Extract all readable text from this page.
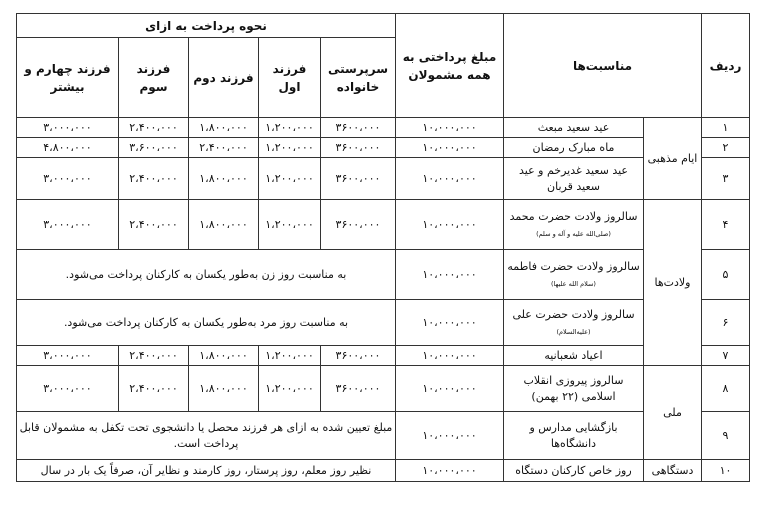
ردیف	مناسبت‌ها		مبلغ پرداختی به همه مشمولان	نحوه پرداخت به ازای				
				سرپرستی خانواده	فرزند اول	فرزند دوم	فرزند سوم	فرزند چهارم و بیشتر
۱	ایام مذهبی	عید سعید مبعث	۱۰،۰۰۰،۰۰۰	۳۶۰۰،۰۰۰	۱،۲۰۰،۰۰۰	۱،۸۰۰،۰۰۰	۲،۴۰۰،۰۰۰	۳،۰۰۰،۰۰۰
۲		ماه مبارک رمضان	۱۰،۰۰۰،۰۰۰	۳۶۰۰،۰۰۰	۱،۲۰۰،۰۰۰	۲،۴۰۰،۰۰۰	۳،۶۰۰،۰۰۰	۴،۸۰۰،۰۰۰
۳		عید سعید غدیرخم و عید سعید قربان	۱۰،۰۰۰،۰۰۰	۳۶۰۰،۰۰۰	۱،۲۰۰،۰۰۰	۱،۸۰۰،۰۰۰	۲،۴۰۰،۰۰۰	۳،۰۰۰،۰۰۰
۴	ولادت‌ها	سالروز ولادت حضرت محمد (صلی‌الله علیه و آله و سلم)	۱۰،۰۰۰،۰۰۰	۳۶۰۰،۰۰۰	۱،۲۰۰،۰۰۰	۱،۸۰۰،۰۰۰	۲،۴۰۰،۰۰۰	۳،۰۰۰،۰۰۰
۵		سالروز ولادت حضرت فاطمه (سلام الله علیها)	۱۰،۰۰۰،۰۰۰	به مناسبت روز زن به‌طور یکسان به کارکنان پرداخت می‌شود.				
۶		سالروز ولادت حضرت علی (علیه‌السلام)	۱۰،۰۰۰،۰۰۰	به مناسبت روز مرد به‌طور یکسان به کارکنان پرداخت می‌شود.				
۷		اعیاد شعبانیه	۱۰،۰۰۰،۰۰۰	۳۶۰۰،۰۰۰	۱،۲۰۰،۰۰۰	۱،۸۰۰،۰۰۰	۲،۴۰۰،۰۰۰	۳،۰۰۰،۰۰۰
۸	ملی	سالروز پیروزی انقلاب اسلامی (۲۲ بهمن)	۱۰،۰۰۰،۰۰۰	۳۶۰۰،۰۰۰	۱،۲۰۰،۰۰۰	۱،۸۰۰،۰۰۰	۲،۴۰۰،۰۰۰	۳،۰۰۰،۰۰۰
۹		بازگشایی مدارس و دانشگاه‌ها	۱۰،۰۰۰،۰۰۰	مبلغ تعیین شده به ازای هر فرزند محصل یا دانشجوی تحت تکفل به مشمولان قابل پرداخت است.				
۱۰	دستگاهی	روز خاص کارکنان دستگاه	۱۰،۰۰۰،۰۰۰	نظیر روز معلم، روز پرستار، روز کارمند و نظایر آن، صرفاً یک بار در سال				
